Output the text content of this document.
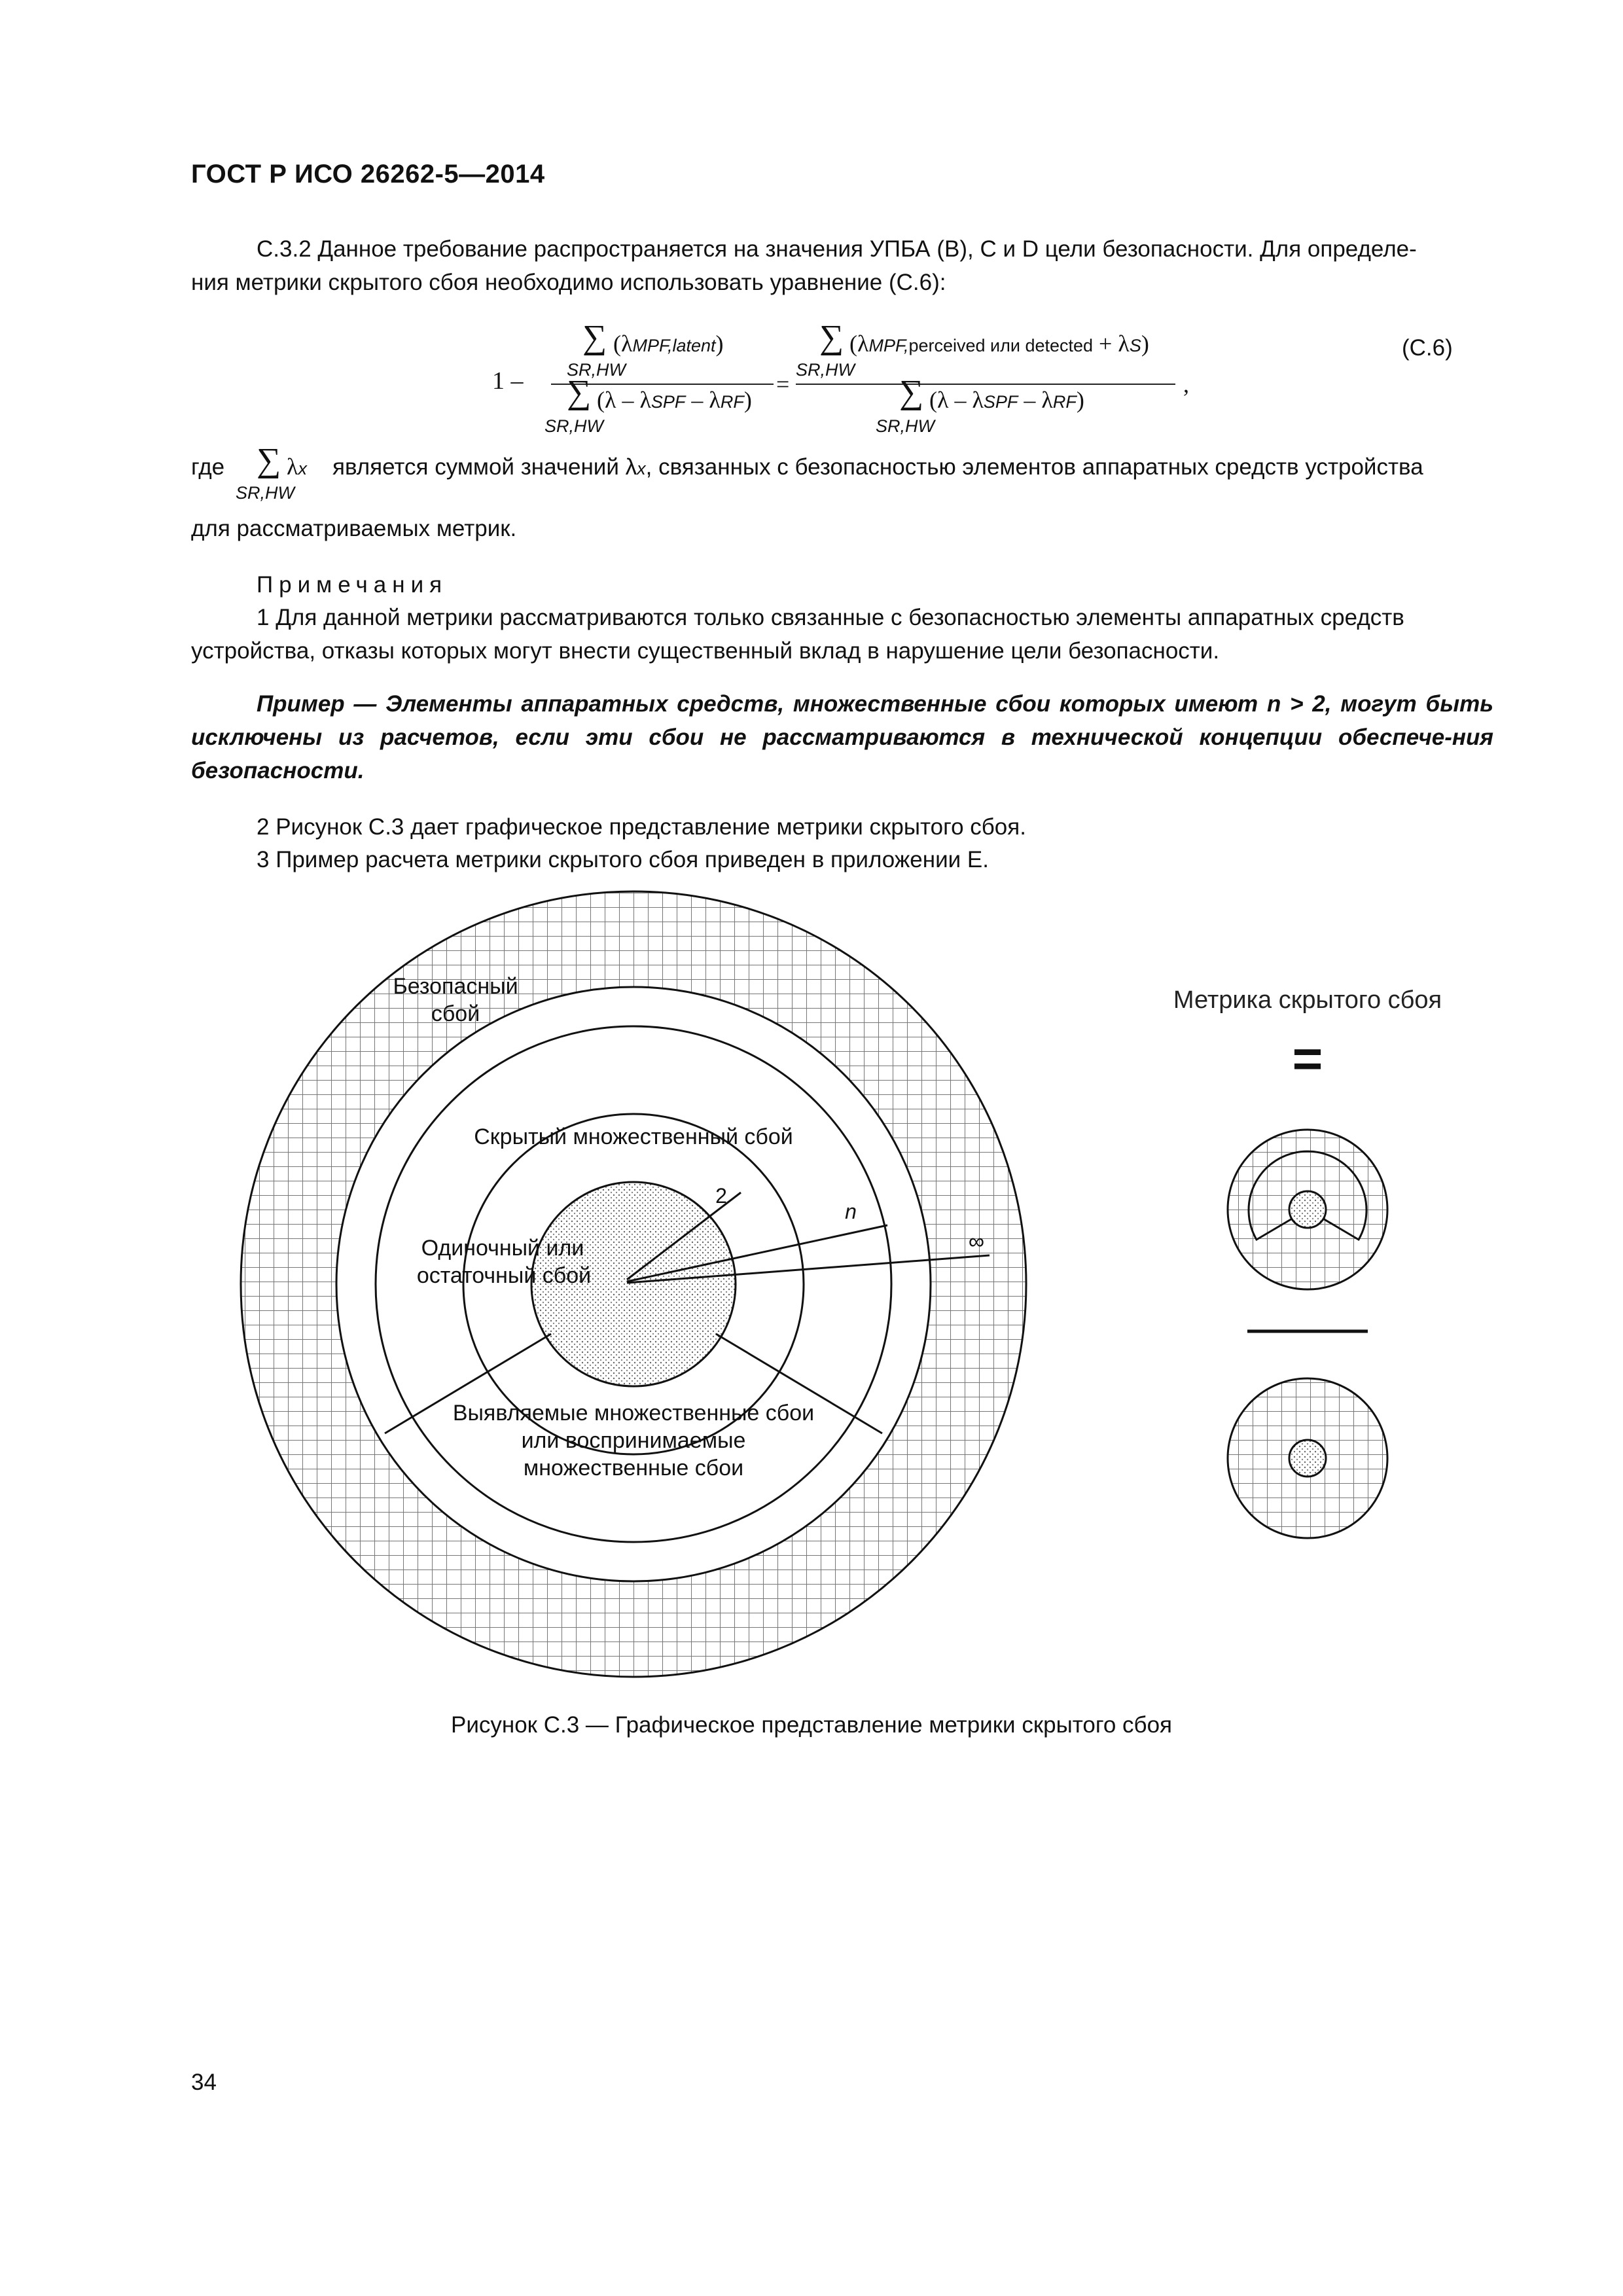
ГОСТ Р ИСО 26262-5—2014
С.3.2 Данное требование распространяется на значения УПБА (В), С и D цели безопасности. Для определе-
ния метрики скрытого сбоя необходимо использовать уравнение (С.6):
1 –
∑ (λMPF,latent)
SR,HW
∑ (λ – λSPF – λRF)
SR,HW
=
∑ (λMPF,perceived или detected + λS)
SR,HW
∑ (λ – λSPF – λRF)
SR,HW
,
(С.6)
где ∑ λx
SR,HW
является суммой значений λx, связанных с безопасностью элементов аппаратных средств устройства
для рассматриваемых метрик.
Примечания
1 Для данной метрики рассматриваются только связанные с безопасностью элементы аппаратных средств
устройства, отказы которых могут внести существенный вклад в нарушение цели безопасности.
Пример — Элементы аппаратных средств, множественные сбои которых имеют n > 2, могут быть исключены из расчетов, если эти сбои не рассматриваются в технической концепции обеспече-ния безопасности.
2 Рисунок С.3 дает графическое представление метрики скрытого сбоя.
3 Пример расчета метрики скрытого сбоя приведен в приложении Е.
Безопасный
сбой
Скрытый множественный сбой
Одиночный или
остаточный сбой
2
n
∞
Выявляемые множественные сбои
или воспринимаемые
множественные сбои
Метрика скрытого сбоя
=
Рисунок С.3 — Графическое представление метрики скрытого сбоя
34
